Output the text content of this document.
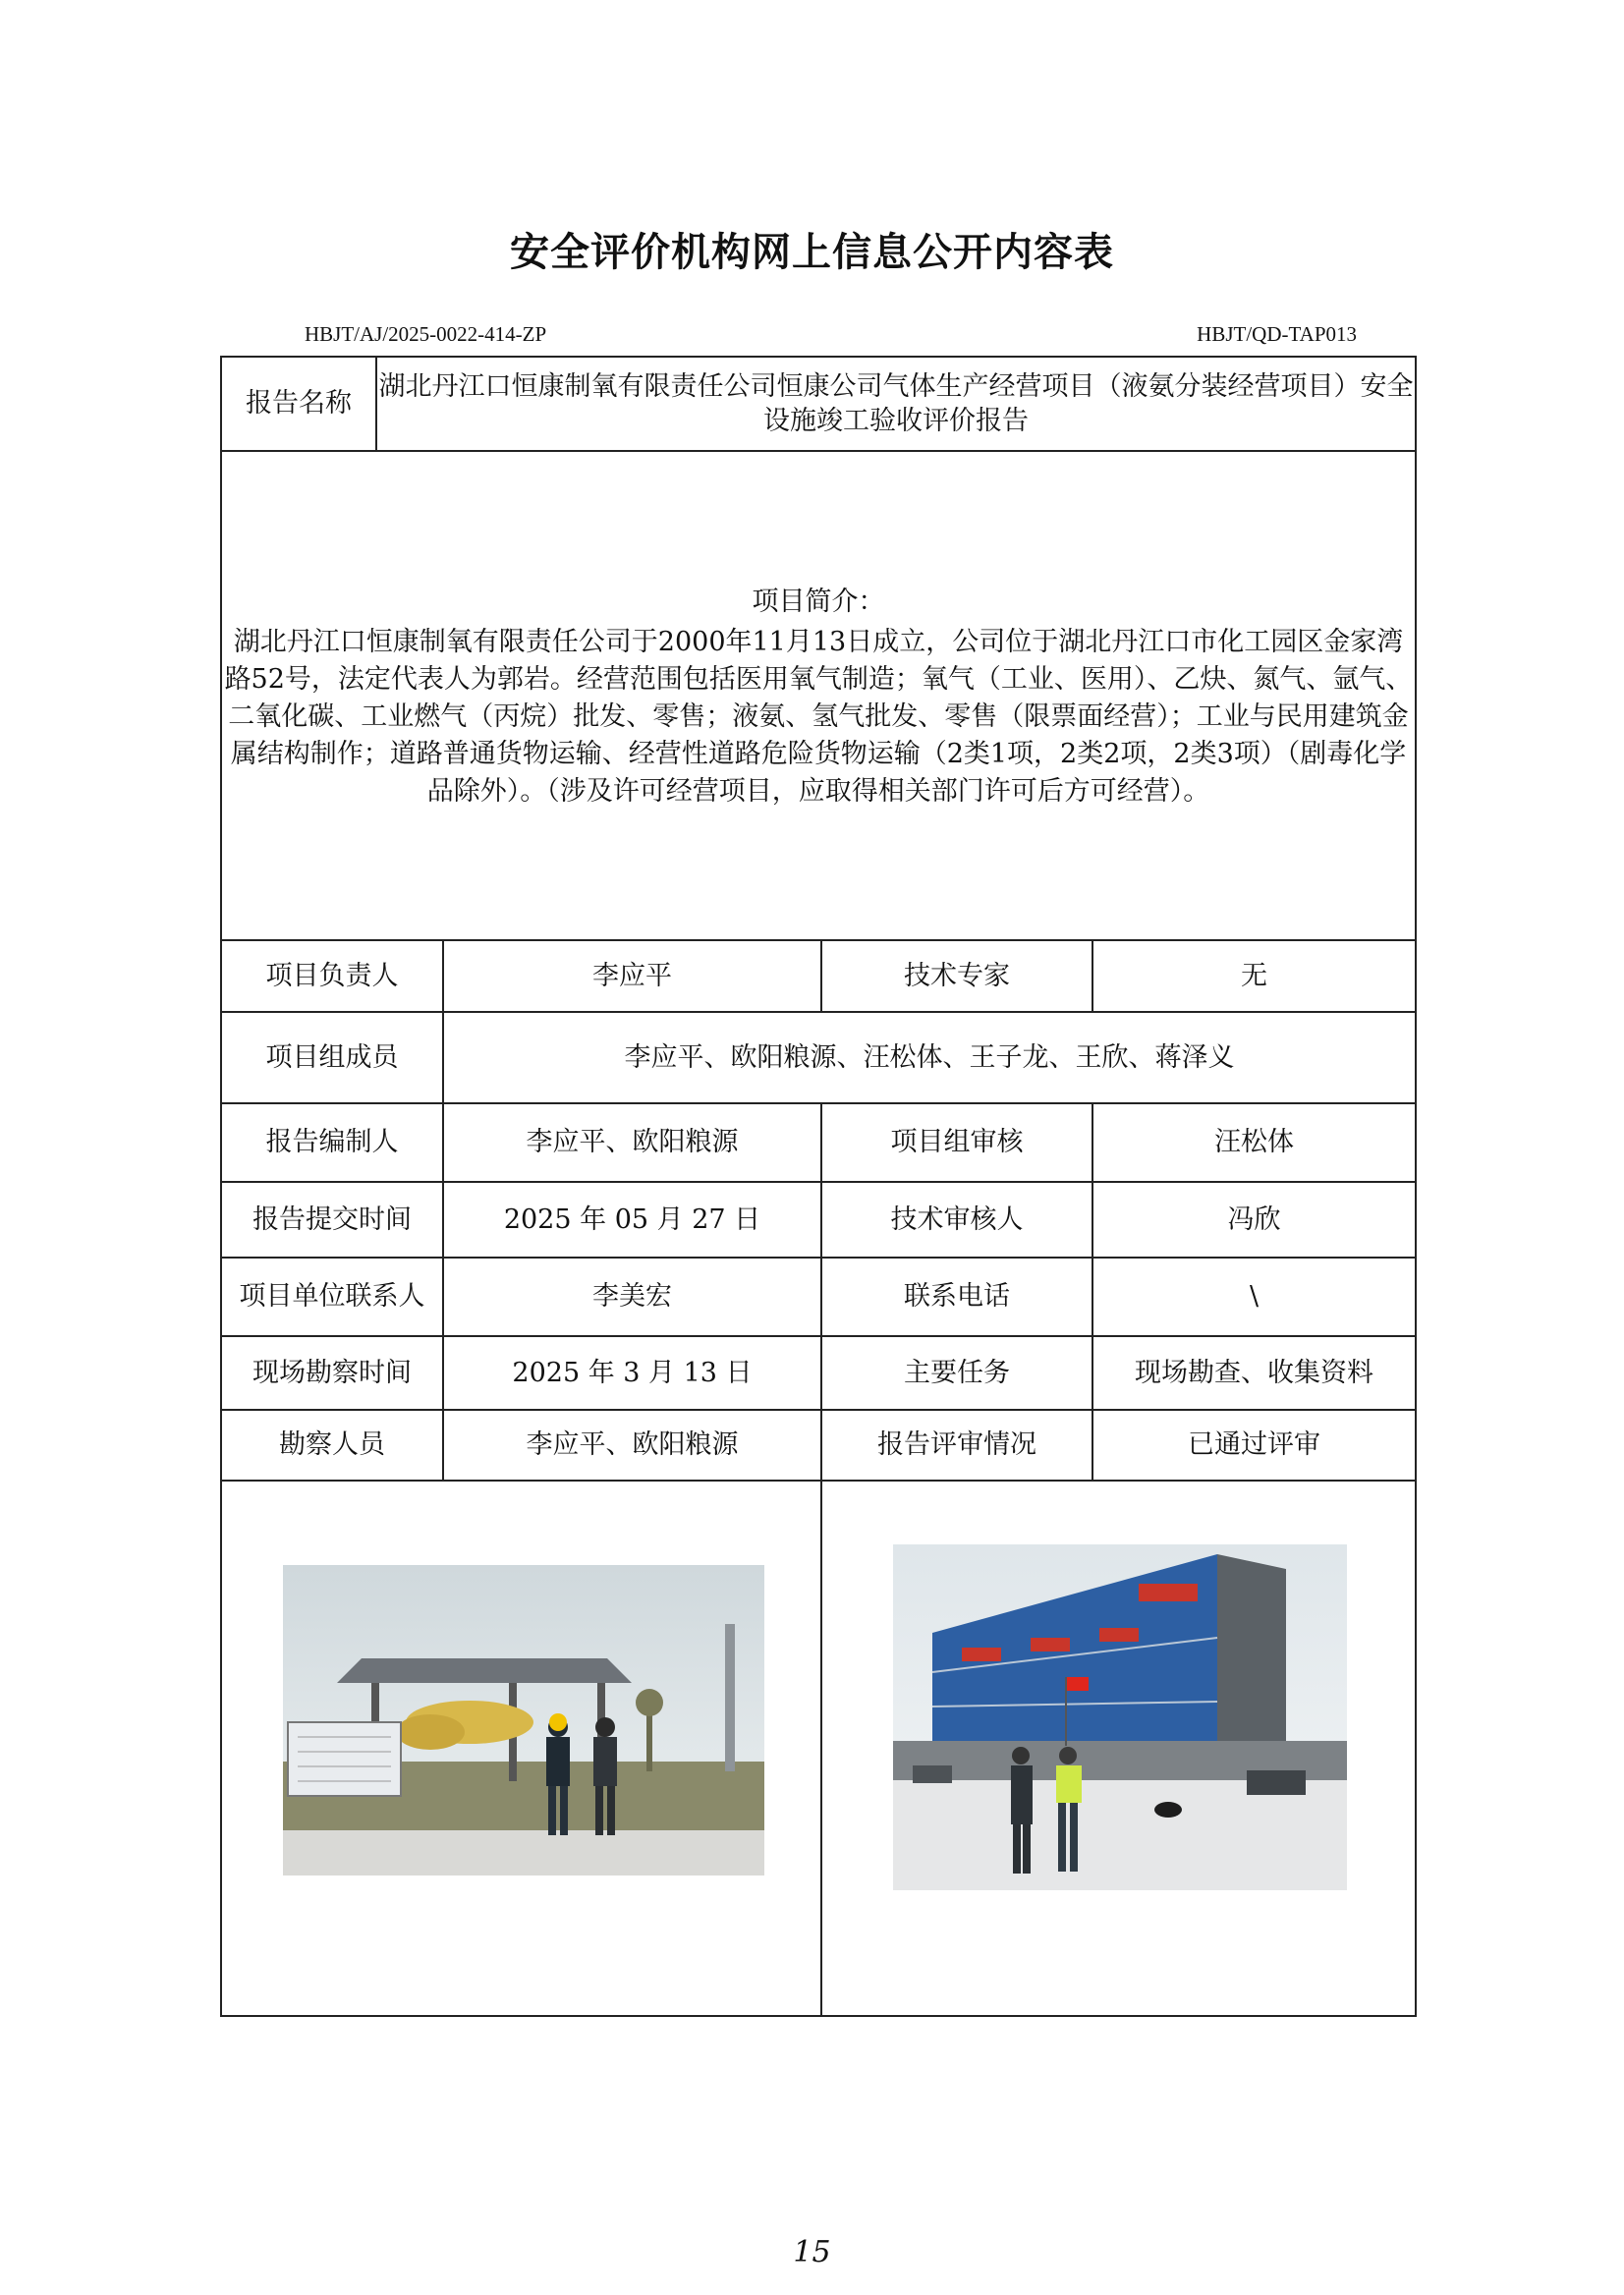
安全评价机构网上信息公开内容表
HBJT/AJ/2025-0022-414-ZP	HBJT/QD-TAP013
报告名称	湖北丹江口恒康制氧有限责任公司恒康公司气体生产经营项目（液氨分装经营项目）安全设施竣工验收评价报告			

项目简介：
湖北丹江口恒康制氧有限责任公司于2000年11月13日成立，公司位于湖北丹江口市化工园区金家湾路52号，法定代表人为郭岩。经营范围包括医用氧气制造；氧气（工业、医用）、乙炔、氮气、氩气、二氧化碳、工业燃气（丙烷）批发、零售；液氨、氢气批发、零售（限票面经营）；工业与民用建筑金属结构制作；道路普通货物运输、经营性道路危险货物运输（2类1项，2类2项，2类3项）（剧毒化学品除外）。（涉及许可经营项目，应取得相关部门许可后方可经营）。				

项目负责人		李应平	技术专家	无
项目组成员		李应平、欧阳粮源、汪松体、王子龙、王欣、蒋泽义		
报告编制人		李应平、欧阳粮源	项目组审核	汪松体
报告提交时间		2025 年 05 月 27 日	技术审核人	冯欣
项目单位联系人		李美宏	联系电话	\
现场勘察时间		2025 年 3 月 13 日	主要任务	现场勘查、收集资料
勘察人员		李应平、欧阳粮源	报告评审情况	已通过评审

15
